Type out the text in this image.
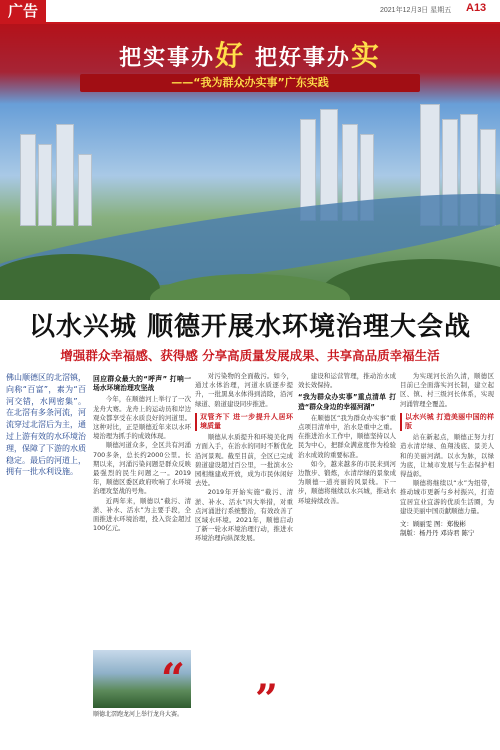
广告	2021年12月3日 星期五 A13
把实事办好 把好事办实
——“我为群众办实事”广东实践
以水兴城 顺德开展水环境治理大会战
增强群众幸福感、获得感 分享高质量发展成果、共享高品质幸福生活
佛山顺德区的北滘镇，向称“百富”，素为“百河交错，水网密集”。在北滘有多条河流，河流穿过北滘后为主，通过上游有效的水环境治理，保障了下游的水质稳定。最后的河道上，拥有一批水利设施。

回应群众最大的“呼声” 打响一场水环境治理攻坚战

今年，在顺德河上举行了一次龙舟大赛。龙舟上的运动员和岸边观众都享受在水质良好的河道里。这种对比，正是顺德近年来以水环境治理为抓手的成效体现。

顺德河道众多，全区共有河涌700多条，总长约2000公里。长期以来，河涌污染问题是群众反映最强烈的民生问题之一。2019年，顺德区委区政府吹响了水环境治理攻坚战的号角。

近两年来，顺德以“截污、清淤、补水、活水”为主要手段，全面推进水环境治理，投入资金超过100亿元。

“
顺德北滘跑龙河上举行龙舟大赛。

对污染物的全面截污。如今，通过水体治理，河道水质逐步提升，一批黑臭水体得到消除，沿河绿道、碧道建设同步推进。

双管齐下 进一步提升人居环境质量

顺德从水质提升和环境美化两方面入手，在治水的同时不断优化沿河景观。截至目前，全区已完成碧道建设超过百公里，一批滨水公园相继建成开放，成为市民休闲好去处。

2019年开始实施“截污、清淤、补水、活水”四大举措，对重点河涌进行系统整治，有效改善了区域水环境。2021年，顺德启动了新一轮水环境治理行动，推进水环境治理向纵深发展。

”

建设和运营管理，推动治水成效长效保持。

“我为群众办实事”重点清单 打造“群众身边的幸福河湖”

在顺德区“我为群众办实事”重点项目清单中，治水是重中之重。在推进治水工作中，顺德坚持以人民为中心，把群众满意度作为检验治水成效的重要标准。

如今，越来越多的市民来到河边散步、锻炼，水清岸绿的景象成为顺德一道亮丽的风景线。下一步，顺德将继续以水兴城，推动水环境持续改善。

为实现河长治久清，顺德区目前已全面落实河长制，建立起区、镇、村三级河长体系，实现河涌管理全覆盖。

以水兴城 打造美丽中国的样版

站在新起点，顺德正努力打造水清岸绿、鱼翔浅底、景美人和的美丽河湖。以水为脉，以绿为底，让城市发展与生态保护相得益彰。

顺德将继续以“水”为纽带，推动城市更新与乡村振兴，打造宜居宜业宜游的优质生活圈，为建设美丽中国贡献顺德力量。

文：顾丽雯 图：郑俊彬

制版：杨丹丹 邓诗君 陈宁
